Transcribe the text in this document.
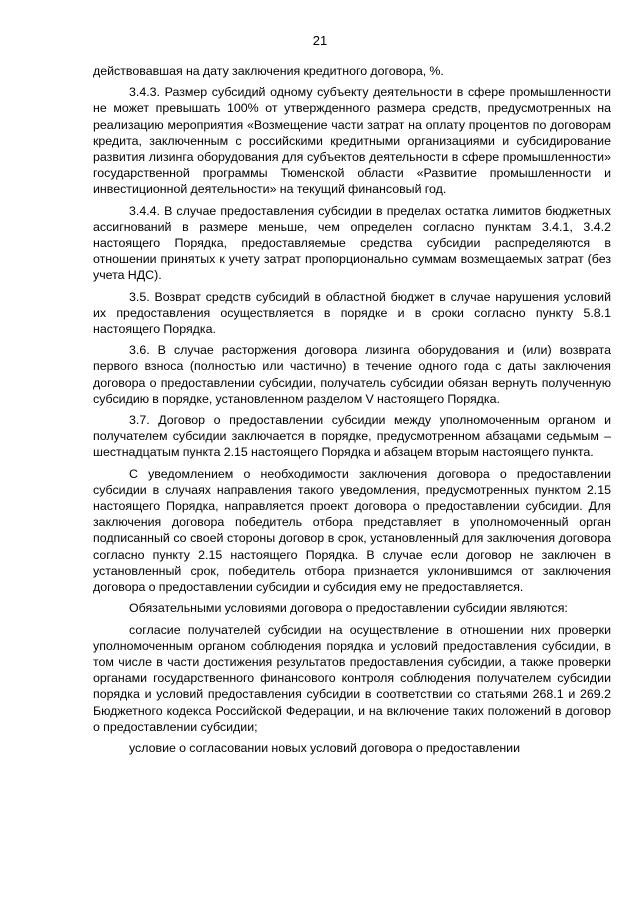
21

действовавшая на дату заключения кредитного договора, %.

3.4.3. Размер субсидий одному субъекту деятельности в сфере промышленности не может превышать 100% от утвержденного размера средств, предусмотренных на реализацию мероприятия «Возмещение части затрат на оплату процентов по договорам кредита, заключенным с российскими кредитными организациями и субсидирование развития лизинга оборудования для субъектов деятельности в сфере промышленности» государственной программы Тюменской области «Развитие промышленности и инвестиционной деятельности» на текущий финансовый год.

3.4.4. В случае предоставления субсидии в пределах остатка лимитов бюджетных ассигнований в размере меньше, чем определен согласно пунктам 3.4.1, 3.4.2 настоящего Порядка, предоставляемые средства субсидии распределяются в отношении принятых к учету затрат пропорционально суммам возмещаемых затрат (без учета НДС).

3.5. Возврат средств субсидий в областной бюджет в случае нарушения условий их предоставления осуществляется в порядке и в сроки согласно пункту 5.8.1 настоящего Порядка.

3.6. В случае расторжения договора лизинга оборудования и (или) возврата первого взноса (полностью или частично) в течение одного года с даты заключения договора о предоставлении субсидии, получатель субсидии обязан вернуть полученную субсидию в порядке, установленном разделом V настоящего Порядка.

3.7. Договор о предоставлении субсидии между уполномоченным органом и получателем субсидии заключается в порядке, предусмотренном абзацами седьмым – шестнадцатым пункта 2.15 настоящего Порядка и абзацем вторым настоящего пункта.

С уведомлением о необходимости заключения договора о предоставлении субсидии в случаях направления такого уведомления, предусмотренных пунктом 2.15 настоящего Порядка, направляется проект договора о предоставлении субсидии. Для заключения договора победитель отбора представляет в уполномоченный орган подписанный со своей стороны договор в срок, установленный для заключения договора согласно пункту 2.15 настоящего Порядка. В случае если договор не заключен в установленный срок, победитель отбора признается уклонившимся от заключения договора о предоставлении субсидии и субсидия ему не предоставляется.

Обязательными условиями договора о предоставлении субсидии являются:

согласие получателей субсидии на осуществление в отношении них проверки уполномоченным органом соблюдения порядка и условий предоставления субсидии, в том числе в части достижения результатов предоставления субсидии, а также проверки органами государственного финансового контроля соблюдения получателем субсидии порядка и условий предоставления субсидии в соответствии со статьями 268.1 и 269.2 Бюджетного кодекса Российской Федерации, и на включение таких положений в договор о предоставлении субсидии;

условие о согласовании новых условий договора о предоставлении
